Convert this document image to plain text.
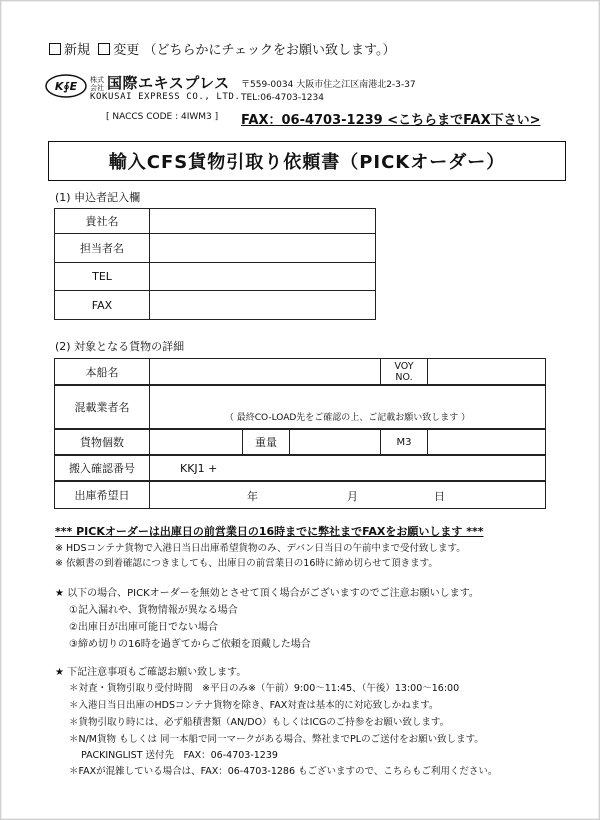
新規 変更 （どちらかにチェックをお願い致します。）
K∮E 株式
会社 国際エキスプレス
KOKUSAI EXPRESS CO., LTD.
〒559-0034 大阪市住之江区南港北2-3-37
TEL:06-4703-1234
[ NACCS CODE : 4IWM3 ] FAX：06-4703-1239 <こちらまでFAX下さい>
輸入CFS貨物引取り依頼書（PICKオーダー）
(1) 申込者記入欄
貴社名	
担当者名	
TEL	
FAX	
(2) 対象となる貨物の詳細
本船名		VOY NO.	
混載業者名	（ 最終CO-LOAD先をご確認の上、ご記載お願い致します ）
貨物個数		重量		M3	
搬入確認番号	KKJ1 +
出庫希望日	年	月	日
*** PICKオーダーは出庫日の前営業日の16時までに弊社までFAXをお願いします ***
※ HDSコンテナ貨物で入港日当日出庫希望貨物のみ、デバン日当日の午前中まで受付致します。
※ 依頼書の到着確認につきましても、出庫日の前営業日の16時に締め切らせて頂きます。
★ 以下の場合、PICKオーダーを無効とさせて頂く場合がございますのでご注意お願いします。
①記入漏れや、貨物情報が異なる場合
②出庫日が出庫可能日でない場合
③締め切りの16時を過ぎてからご依頼を頂戴した場合
★ 下記注意事項もご確認お願い致します。
＊対査・貨物引取り受付時間　※平日のみ※（午前）9:00～11:45、（午後）13:00～16:00
＊入港日当日出庫のHDSコンテナ貨物を除き、FAX対査は基本的に対応致しかねます。
＊貨物引取り時には、必ず船積書類（AN/DO）もしくはICGのご持参をお願い致します。
＊N/M貨物 もしくは 同一本船で同一マークがある場合、弊社までPLのご送付をお願い致します。
PACKINGLIST 送付先　FAX：06-4703-1239
＊FAXが混雑している場合は、FAX：06-4703-1286 もございますので、こちらもご利用ください。
